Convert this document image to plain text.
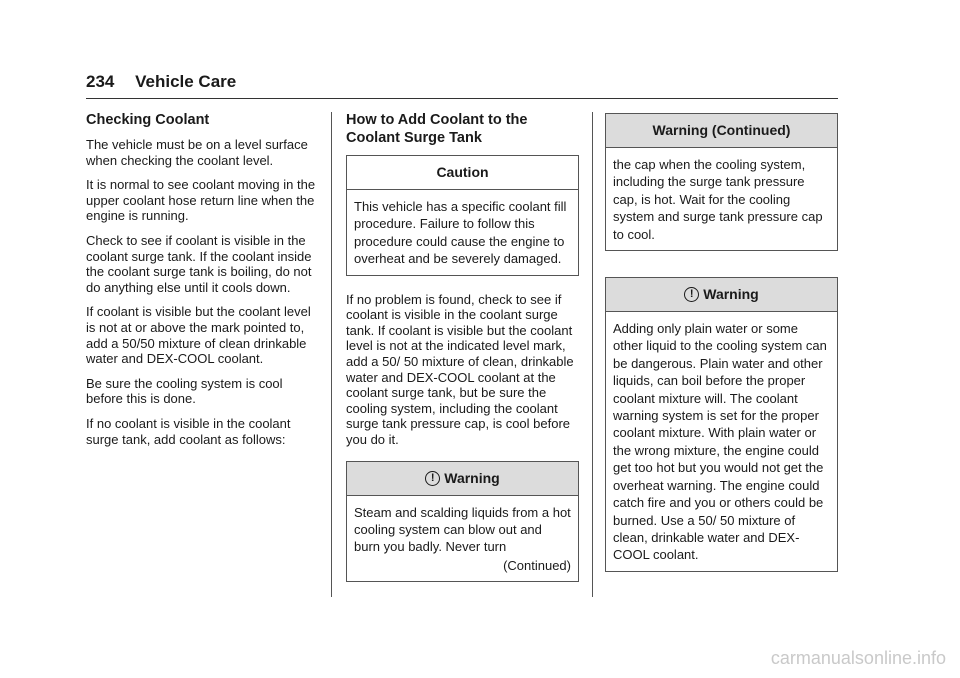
234 Vehicle Care
Checking Coolant

The vehicle must be on a level surface when checking the coolant level.

It is normal to see coolant moving in the upper coolant hose return line when the engine is running.

Check to see if coolant is visible in the coolant surge tank. If the coolant inside the coolant surge tank is boiling, do not do anything else until it cools down.

If coolant is visible but the coolant level is not at or above the mark pointed to, add a 50/50 mixture of clean drinkable water and DEX-COOL coolant.

Be sure the cooling system is cool before this is done.

If no coolant is visible in the coolant surge tank, add coolant as follows:

How to Add Coolant to the Coolant Surge Tank
Caution
This vehicle has a specific coolant fill procedure. Failure to follow this procedure could cause the engine to overheat and be severely damaged.

If no problem is found, check to see if coolant is visible in the coolant surge tank. If coolant is visible but the coolant level is not at the indicated level mark, add a 50/ 50 mixture of clean, drinkable water and DEX-COOL coolant at the coolant surge tank, but be sure the cooling system, including the coolant surge tank pressure cap, is cool before you do it.

!Warning
Steam and scalding liquids from a hot cooling system can blow out and burn you badly. Never turn
(Continued)
Warning (Continued)
the cap when the cooling system, including the surge tank pressure cap, is hot. Wait for the cooling system and surge tank pressure cap to cool.
!Warning
Adding only plain water or some other liquid to the cooling system can be dangerous. Plain water and other liquids, can boil before the proper coolant mixture will. The coolant warning system is set for the proper coolant mixture. With plain water or the wrong mixture, the engine could get too hot but you would not get the overheat warning. The engine could catch fire and you or others could be burned. Use a 50/ 50 mixture of clean, drinkable water and DEX-COOL coolant.
carmanualsonline.info
